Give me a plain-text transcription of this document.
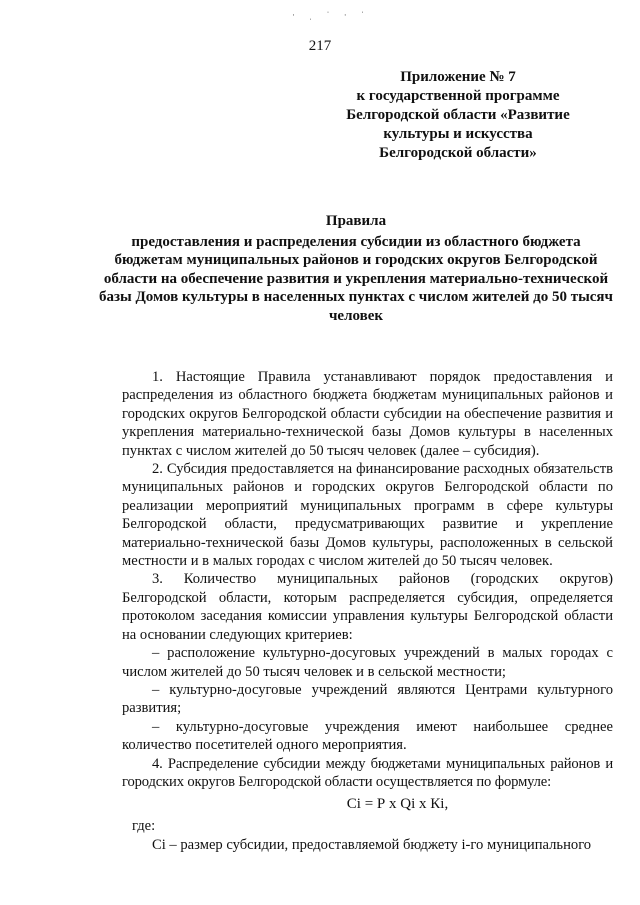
· ˌ ˈ · ˈ
217
Приложение № 7
к государственной программе
Белгородской области «Развитие
культуры и искусства
Белгородской области»
Правила
предоставления и распределения субсидии из областного бюджета
бюджетам муниципальных районов и городских округов Белгородской
области на обеспечение развития и укрепления материально-технической
базы Домов культуры в населенных пунктах с числом жителей до 50 тысяч
человек

1. Настоящие Правила устанавливают порядок предоставления и распределения из областного бюджета бюджетам муниципальных районов и городских округов Белгородской области субсидии на обеспечение развития и укрепления материально-технической базы Домов культуры в населенных пунктах с числом жителей до 50 тысяч человек (далее – субсидия).

2. Субсидия предоставляется на финансирование расходных обязательств муниципальных районов и городских округов Белгородской области по реализации мероприятий муниципальных программ в сфере культуры Белгородской области, предусматривающих развитие и укрепление материально-технической базы Домов культуры, расположенных в сельской местности и в малых городах с числом жителей до 50 тысяч человек.

3. Количество муниципальных районов (городских округов) Белгородской области, которым распределяется субсидия, определяется протоколом заседания комиссии управления культуры Белгородской области на основании следующих критериев:

– расположение культурно-досуговых учреждений в малых городах с числом жителей до 50 тысяч человек и в сельской местности;

– культурно-досуговые учреждений являются Центрами культурного развития;

– культурно-досуговые учреждения имеют наибольшее среднее количество посетителей одного мероприятия.

4. Распределение субсидии между бюджетами муниципальных районов и городских округов Белгородской области осуществляется по формуле:

Сi = Р х Qi х Кi,

где:

Сi – размер субсидии, предоставляемой бюджету i-го муниципального
